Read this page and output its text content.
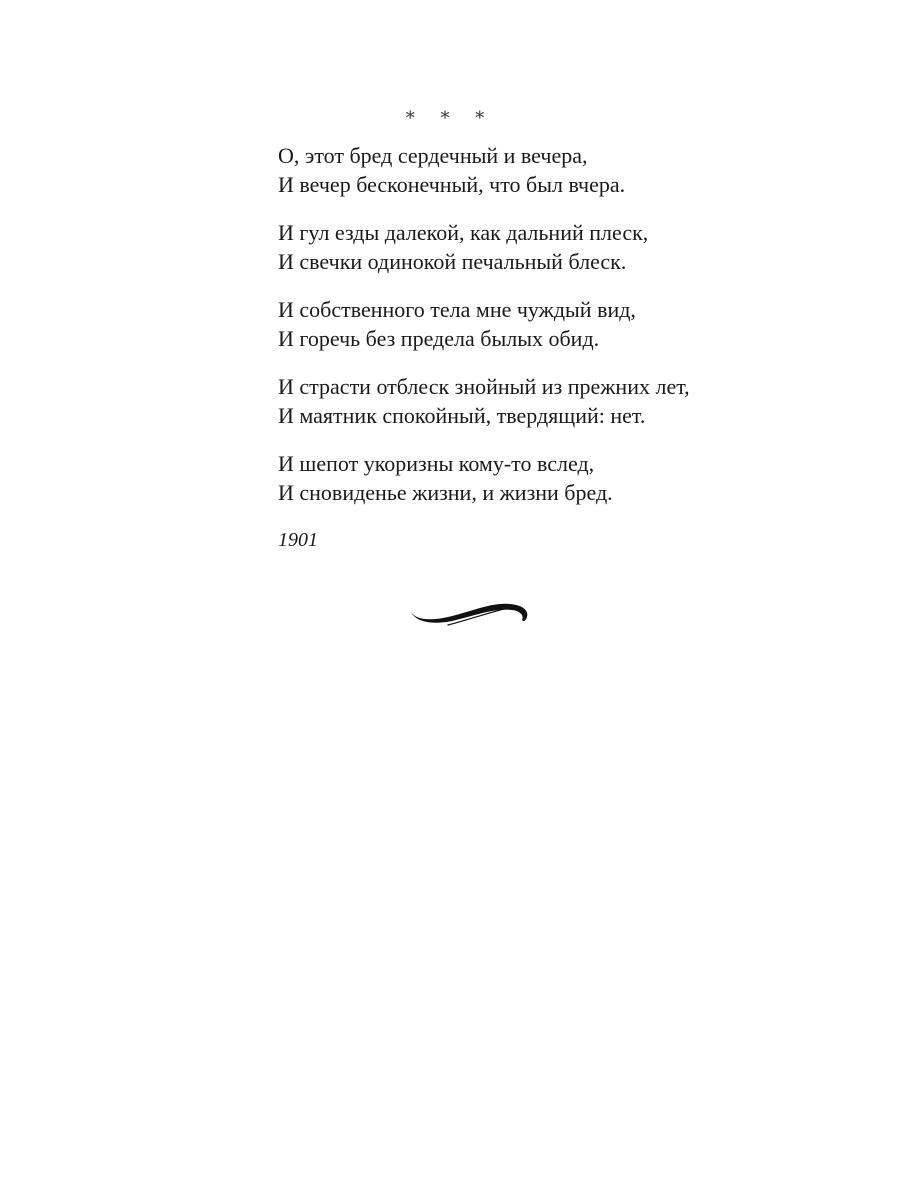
* * *
О, этот бред сердечный и вечера,
И вечер бесконечный, что был вчера.
И гул езды далекой, как дальний плеск,
И свечки одинокой печальный блеск.
И собственного тела мне чуждый вид,
И горечь без предела былых обид.
И страсти отблеск знойный из прежних лет,
И маятник спокойный, твердящий: нет.
И шепот укоризны кому-то вслед,
И сновиденье жизни, и жизни бред.
1901
